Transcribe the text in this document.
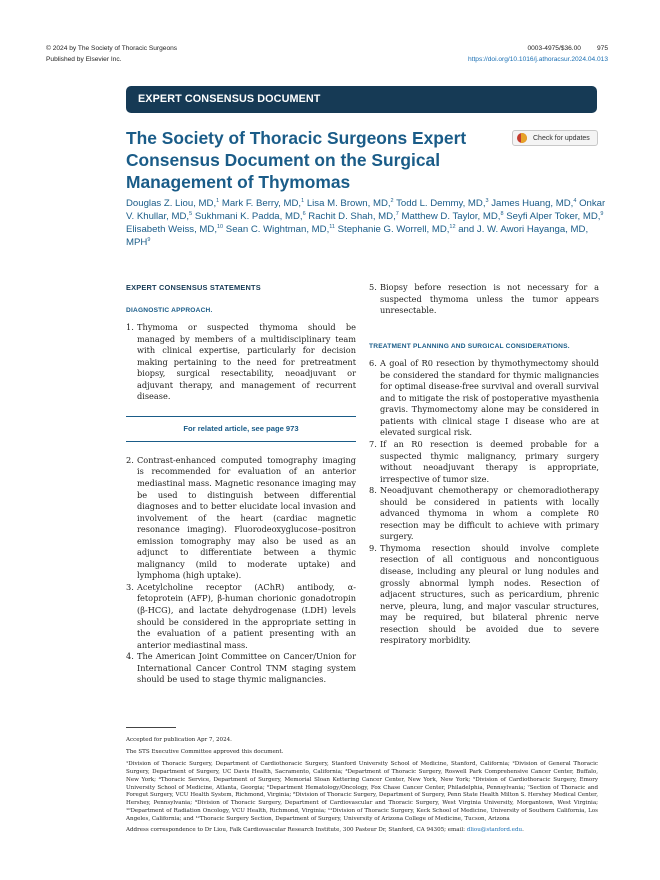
© 2024 by The Society of Thoracic Surgeons
Published by Elsevier Inc.
0003-4975/$36.00 975
https://doi.org/10.1016/j.athoracsur.2024.04.013
EXPERT CONSENSUS DOCUMENT
The Society of Thoracic Surgeons Expert Consensus Document on the Surgical Management of Thymomas
Check for updates
Douglas Z. Liou, MD,$^1$ Mark F. Berry, MD,$^1$ Lisa M. Brown, MD,$^2$ Todd L. Demmy, MD,$^3$ James Huang, MD,$^4$ Onkar V. Khullar, MD,$^5$ Sukhmani K. Padda, MD,$^6$ Rachit D. Shah, MD,$^7$ Matthew D. Taylor, MD,$^8$ Seyfi Alper Toker, MD,$^9$ Elisabeth Weiss, MD,$^{10}$ Sean C. Wightman, MD,$^{11}$ Stephanie G. Worrell, MD,$^{12}$ and J. W. Awori Hayanga, MD, MPH$^9$
EXPERT CONSENSUS STATEMENTS
DIAGNOSTIC APPROACH.
1. Thymoma or suspected thymoma should be managed by members of a multidisciplinary team with clinical expertise, particularly for decision making pertaining to the need for pretreatment biopsy, surgical resectability, neoadjuvant or adjuvant therapy, and management of recurrent disease.
For related article, see page 973
2. Contrast-enhanced computed tomography imaging is recommended for evaluation of an anterior mediastinal mass. Magnetic resonance imaging may be used to distinguish between differential diagnoses and to better elucidate local invasion and involvement of the heart (cardiac magnetic resonance imaging). Fluorodeoxyglucose–positron emission tomography may also be used as an adjunct to differentiate between a thymic malignancy (mild to moderate uptake) and lymphoma (high uptake).
3. Acetylcholine receptor (AChR) antibody, α-fetoprotein (AFP), β-human chorionic gonadotropin (β-HCG), and lactate dehydrogenase (LDH) levels should be considered in the appropriate setting in the evaluation of a patient presenting with an anterior mediastinal mass.
4. The American Joint Committee on Cancer/Union for International Cancer Control TNM staging system should be used to stage thymic malignancies.
5. Biopsy before resection is not necessary for a suspected thymoma unless the tumor appears unresectable.
TREATMENT PLANNING AND SURGICAL CONSIDERATIONS.
6. A goal of R0 resection by thymothymectomy should be considered the standard for thymic malignancies for optimal disease-free survival and overall survival and to mitigate the risk of postoperative myasthenia gravis. Thymomectomy alone may be considered in patients with clinical stage I disease who are at elevated surgical risk.
7. If an R0 resection is deemed probable for a suspected thymic malignancy, primary surgery without neoadjuvant therapy is appropriate, irrespective of tumor size.
8. Neoadjuvant chemotherapy or chemoradiotherapy should be considered in patients with locally advanced thymoma in whom a complete R0 resection may be difficult to achieve with primary surgery.
9. Thymoma resection should involve complete resection of all contiguous and noncontiguous disease, including any pleural or lung nodules and grossly abnormal lymph nodes. Resection of adjacent structures, such as pericardium, phrenic nerve, pleura, lung, and major vascular structures, may be required, but bilateral phrenic nerve resection should be avoided due to severe respiratory morbidity.

Accepted for publication Apr 7, 2024.

The STS Executive Committee approved this document.

¹Division of Thoracic Surgery, Department of Cardiothoracic Surgery, Stanford University School of Medicine, Stanford, California; ²Division of General Thoracic Surgery, Department of Surgery, UC Davis Health, Sacramento, California; ³Department of Thoracic Surgery, Roswell Park Comprehensive Cancer Center, Buffalo, New York; ⁴Thoracic Service, Department of Surgery, Memorial Sloan Kettering Cancer Center, New York, New York; ⁵Division of Cardiothoracic Surgery, Emory University School of Medicine, Atlanta, Georgia; ⁶Department Hematology/Oncology, Fox Chase Cancer Center, Philadelphia, Pennsylvania; ⁷Section of Thoracic and Foregut Surgery, VCU Health System, Richmond, Virginia; ⁸Division of Thoracic Surgery, Department of Surgery, Penn State Health Milton S. Hershey Medical Center, Hershey, Pennsylvania; ⁹Division of Thoracic Surgery, Department of Cardiovascular and Thoracic Surgery, West Virginia University, Morgantown, West Virginia; ¹⁰Department of Radiation Oncology, VCU Health, Richmond, Virginia; ¹¹Division of Thoracic Surgery, Keck School of Medicine, University of Southern California, Los Angeles, California; and ¹²Thoracic Surgery Section, Department of Surgery, University of Arizona College of Medicine, Tucson, Arizona

Address correspondence to Dr Liou, Falk Cardiovascular Research Institute, 300 Pasteur Dr, Stanford, CA 94305; email: dliou@stanford.edu.
